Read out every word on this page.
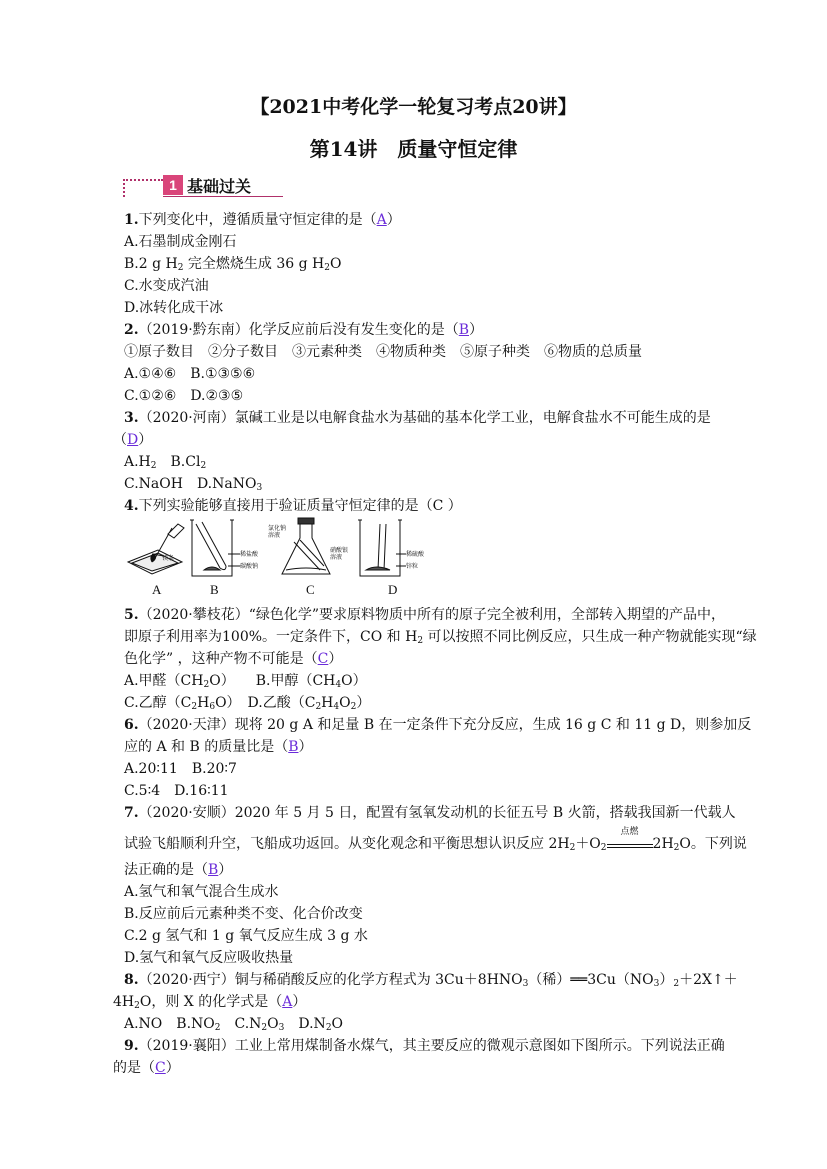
【2021中考化学一轮复习考点20讲】
第14讲　质量守恒定律
1 基础过关
1.下列变化中，遵循质量守恒定律的是（A）
A.石墨制成金刚石
B.2 g $H_2$ 完全燃烧生成 36 g $H_2O$
C.水变成汽油
D.冰转化成干冰
2.（2019·黔东南）化学反应前后没有发生变化的是（B）
①原子数目　②分子数目　③元素种类　④物质种类　⑤原子种类　⑥物质的总质量
A.①④⑥　B.①③⑤⑥
C.①②⑥　D.②③⑤
3.（2020·河南）氯碱工业是以电解食盐水为基础的基本化学工业，电解食盐水不可能生成的是
（D）
$A.H_2$　$B.Cl_2$
C.NaOH　D.NaNO$_3$
4.下列实验能够直接用于验证质量守恒定律的是（C ）
镁条
稀盐酸
碳酸钠
氯化钠
溶液
硝酸银
溶液	稀硫酸
锌粒
A	B	C	D
5.（2020·攀枝花）“绿色化学”要求原料物质中所有的原子完全被利用，全部转入期望的产品中，
即原子利用率为100%。一定条件下，CO 和 $H_2$ 可以按照不同比例反应，只生成一种产物就能实现“绿
色化学” ，这种产物不可能是（C）
A.甲醛$(CH_2O)$　　B.甲醇$(CH_4O)$
C.乙醇$(C_2H_6O)$　D.乙酸$(C_2H_4O_2)$
6.（2020·天津）现将 20 g A 和足量 B 在一定条件下充分反应，生成 16 g C 和 11 g D，则参加反
应的 A 和 B 的质量比是（B）
A.20∶11　B.20∶7
C.5∶4　D.16∶11
7.（2020·安顺）2020 年 5 月 5 日，配置有氢氧发动机的长征五号 B 火箭，搭载我国新一代载人
试验飞船顺利升空，飞船成功返回。从变化观念和平衡思想认识反应 $2H_2+O_2$
点燃
$2H_2O$。下列说
法正确的是（B）
A.氢气和氧气混合生成水
B.反应前后元素种类不变、化合价改变
C.2 g 氢气和 1 g 氧气反应生成 3 g 水
D.氢气和氧气反应吸收热量
8.（2020·西宁）铜与稀硝酸反应的化学方程式为 $3Cu+8HNO_3$（稀）$══3Cu(NO_3)_2+2X↑+$
$4H_2O$，则 X 的化学式是（A）
A.NO　$B.NO_2$　$C.N_2O_3$　$D.N_2O$
9.（2019·襄阳）工业上常用煤制备水煤气，其主要反应的微观示意图如下图所示。下列说法正确
的是（C）
